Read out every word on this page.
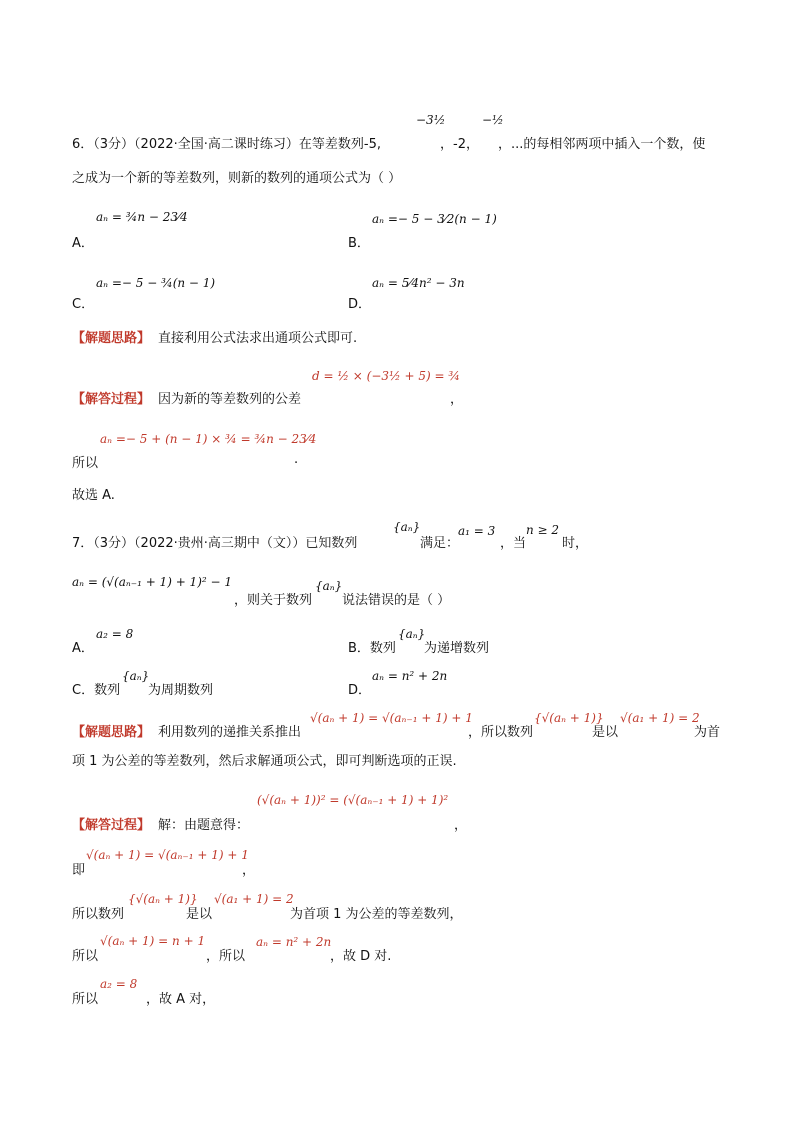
6．（3分）（2022·全国·高二课时练习）在等差数列-5,
−3½
，-2，
−½
，...的每相邻两项中插入一个数，使
之成为一个新的等差数列，则新的数列的通项公式为（ ）
A．
aₙ = ¾n − 23⁄4
B．
aₙ =− 5 − 3⁄2(n − 1)
C．
aₙ =− 5 − ¾(n − 1)
D．
aₙ = 5⁄4n² − 3n
【解题思路】 直接利用公式法求出通项公式即可.
【解答过程】 因为新的等差数列的公差
d = ½ × (−3½ + 5) = ¾
，
aₙ =− 5 + (n − 1) × ¾ = ¾n − 23⁄4
所以	.
故选 A.
7．（3分）（2022·贵州·高三期中（文））已知数列
{aₙ}
满足：
a₁ = 3
，当
n ≥ 2
时，
aₙ = (√(aₙ₋₁ + 1) + 1)² − 1
，则关于数列
{aₙ}
说法错误的是（ ）
A．
a₂ = 8
B．数列
{aₙ}
为递增数列
C．数列
{aₙ}
为周期数列	D．
aₙ = n² + 2n
【解题思路】 利用数列的递推关系推出
√(aₙ + 1) = √(aₙ₋₁ + 1) + 1
，所以数列
{√(aₙ + 1)}
是以
√(a₁ + 1) = 2
为首
项 1 为公差的等差数列，然后求解通项公式，即可判断选项的正误.
【解答过程】 解：由题意得：
(√(aₙ + 1))² = (√(aₙ₋₁ + 1) + 1)²
，
即
√(aₙ + 1) = √(aₙ₋₁ + 1) + 1
，
所以数列
{√(aₙ + 1)}
是以
√(a₁ + 1) = 2
为首项 1 为公差的等差数列，
所以
√(aₙ + 1) = n + 1
，所以
aₙ = n² + 2n
，故 D 对.
所以
a₂ = 8
，故 A 对，
